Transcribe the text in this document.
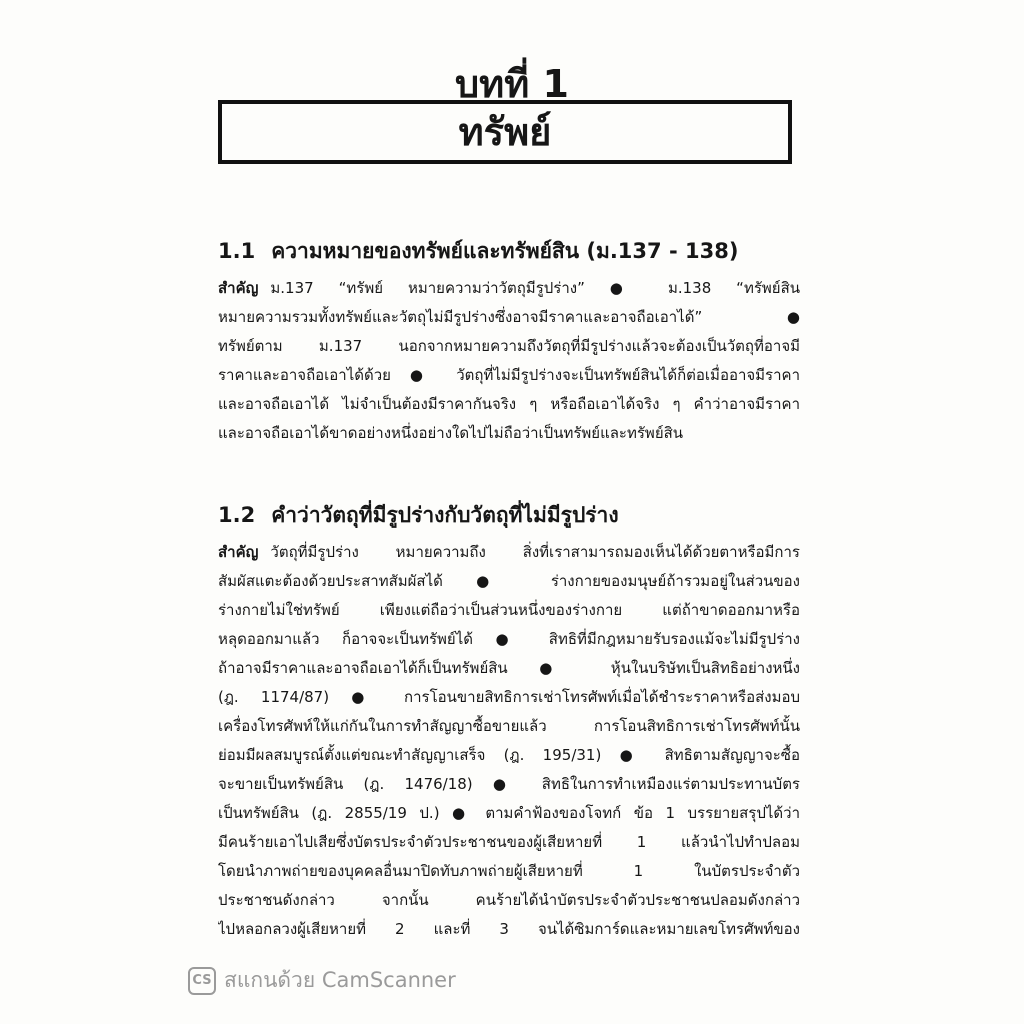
บทที่ 1
ทรัพย์
1.1 ความหมายของทรัพย์และทรัพย์สิน (ม.137 - 138)
สำคัญ ม.137 “ทรัพย์ หมายความว่าวัตถุมีรูปร่าง” ● ม.138 “ทรัพย์สิน
หมายความรวมทั้งทรัพย์และวัตถุไม่มีรูปร่างซึ่งอาจมีราคาและอาจถือเอาได้” ●
ทรัพย์ตาม ม.137 นอกจากหมายความถึงวัตถุที่มีรูปร่างแล้วจะต้องเป็นวัตถุที่อาจมี
ราคาและอาจถือเอาได้ด้วย ● วัตถุที่ไม่มีรูปร่างจะเป็นทรัพย์สินได้ก็ต่อเมื่ออาจมีราคา
และอาจถือเอาได้ ไม่จำเป็นต้องมีราคากันจริง ๆ หรือถือเอาได้จริง ๆ คำว่าอาจมีราคา
และอาจถือเอาได้ขาดอย่างหนึ่งอย่างใดไปไม่ถือว่าเป็นทรัพย์และทรัพย์สิน
1.2 คำว่าวัตถุที่มีรูปร่างกับวัตถุที่ไม่มีรูปร่าง
สำคัญ วัตถุที่มีรูปร่าง หมายความถึง สิ่งที่เราสามารถมองเห็นได้ด้วยตาหรือมีการ
สัมผัสแตะต้องด้วยประสาทสัมผัสได้ ● ร่างกายของมนุษย์ถ้ารวมอยู่ในส่วนของ
ร่างกายไม่ใช่ทรัพย์ เพียงแต่ถือว่าเป็นส่วนหนึ่งของร่างกาย แต่ถ้าขาดออกมาหรือ
หลุดออกมาแล้ว ก็อาจจะเป็นทรัพย์ได้ ● สิทธิที่มีกฎหมายรับรองแม้จะไม่มีรูปร่าง
ถ้าอาจมีราคาและอาจถือเอาได้ก็เป็นทรัพย์สิน ● หุ้นในบริษัทเป็นสิทธิอย่างหนึ่ง
(ฎ. 1174/87) ● การโอนขายสิทธิการเช่าโทรศัพท์เมื่อได้ชำระราคาหรือส่งมอบ
เครื่องโทรศัพท์ให้แก่กันในการทำสัญญาซื้อขายแล้ว การโอนสิทธิการเช่าโทรศัพท์นั้น
ย่อมมีผลสมบูรณ์ตั้งแต่ขณะทำสัญญาเสร็จ (ฎ. 195/31) ● สิทธิตามสัญญาจะซื้อ
จะขายเป็นทรัพย์สิน (ฎ. 1476/18) ● สิทธิในการทำเหมืองแร่ตามประทานบัตร
เป็นทรัพย์สิน (ฎ. 2855/19 ป.) ● ตามคำฟ้องของโจทก์ ข้อ 1 บรรยายสรุปได้ว่า
มีคนร้ายเอาไปเสียซึ่งบัตรประจำตัวประชาชนของผู้เสียหายที่ 1 แล้วนำไปทำปลอม
โดยนำภาพถ่ายของบุคคลอื่นมาปิดทับภาพถ่ายผู้เสียหายที่ 1 ในบัตรประจำตัว
ประชาชนดังกล่าว จากนั้น คนร้ายได้นำบัตรประจำตัวประชาชนปลอมดังกล่าว
ไปหลอกลวงผู้เสียหายที่ 2 และที่ 3 จนได้ซิมการ์ดและหมายเลขโทรศัพท์ของ
CS สแกนด้วย CamScanner
